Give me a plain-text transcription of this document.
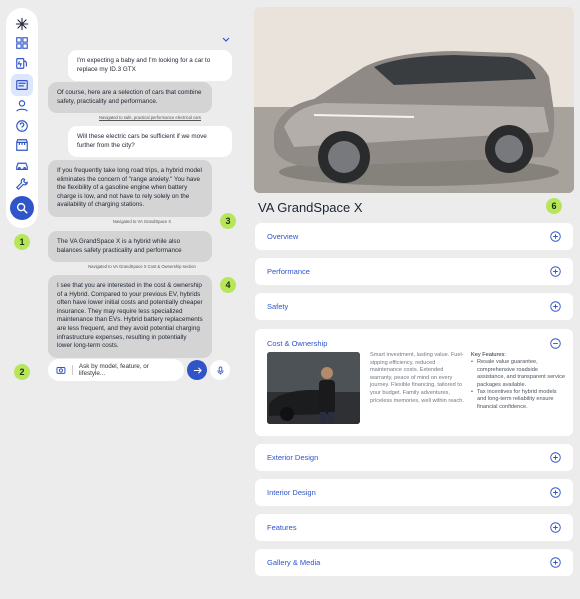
1
2
3
4
6
I'm expecting a baby and I'm looking for a car to replace my ID.3 GTX
Of course, here are a selection of cars that combine safety, practicality and performance.
Navigated to safe, practical performance electrical cars
Will these electric cars be sufficient if we move further from the city?
If you frequently take long road trips, a hybrid model eliminates the concern of "range anxiety." You have the flexibility of a gasoline engine when battery charge is low, and not have to rely solely on the availability of charging stations.
Navigated to VA GrandSpace X
The VA GrandSpace X is a hybrid while also balances safety practicality and performance
Navigated to VA GrandSpace X Cost & Ownership section
I see that you are interested in the cost & ownership of a Hybrid. Compared to your previous EV, hybrids often have lower initial costs and potentially cheaper insurance. They may require less specialized maintenance than EVs. Hybrid battery replacements are less frequent, and they avoid potential charging infrastructure expenses, resulting in potentially lower long-term costs.
Ask by model, feature, or lifestyle...
VA GrandSpace X
Overview
Performance
Safety
Cost & Ownership
Smart investment, lasting value. Fuel-sipping efficiency, reduced maintenance costs. Extended warranty, peace of mind on every journey. Flexible financing, tailored to your budget. Family adventures, priceless memories, well within reach.
Key Features:
• Resale value guarantee, comprehensive roadside assistance, and transparent service packages available.
• Tax incentives for hybrid models and long-term reliability ensure financial confidence.
Exterior Design
Interior Design
Features
Gallery & Media
